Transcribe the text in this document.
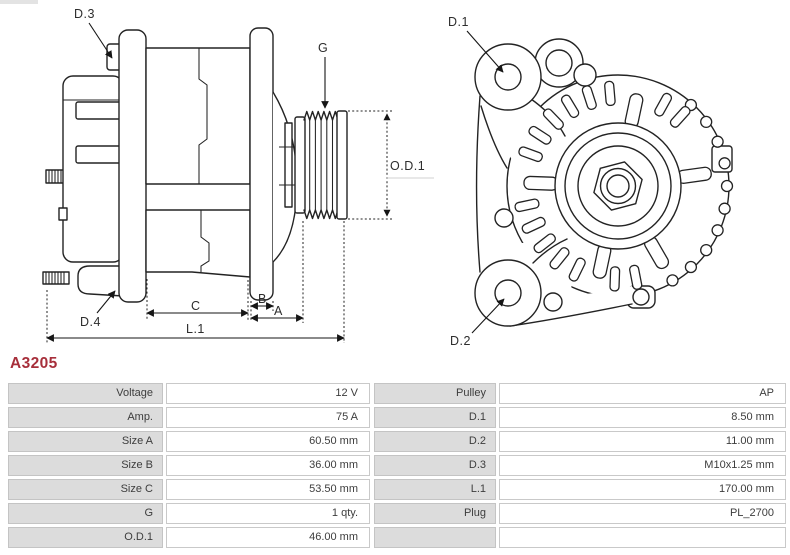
O.D.1
C	B
A
L.1
G
D.3
D.4
D.1
D.2
A3205
Voltage	12 V	Pulley	AP
Amp.	75 A	D.1	8.50 mm
Size A	60.50 mm	D.2	11.00 mm
Size B	36.00 mm	D.3	M10x1.25 mm
Size C	53.50 mm	L.1	170.00 mm
G	1 qty.	Plug	PL_2700
O.D.1	46.00 mm
